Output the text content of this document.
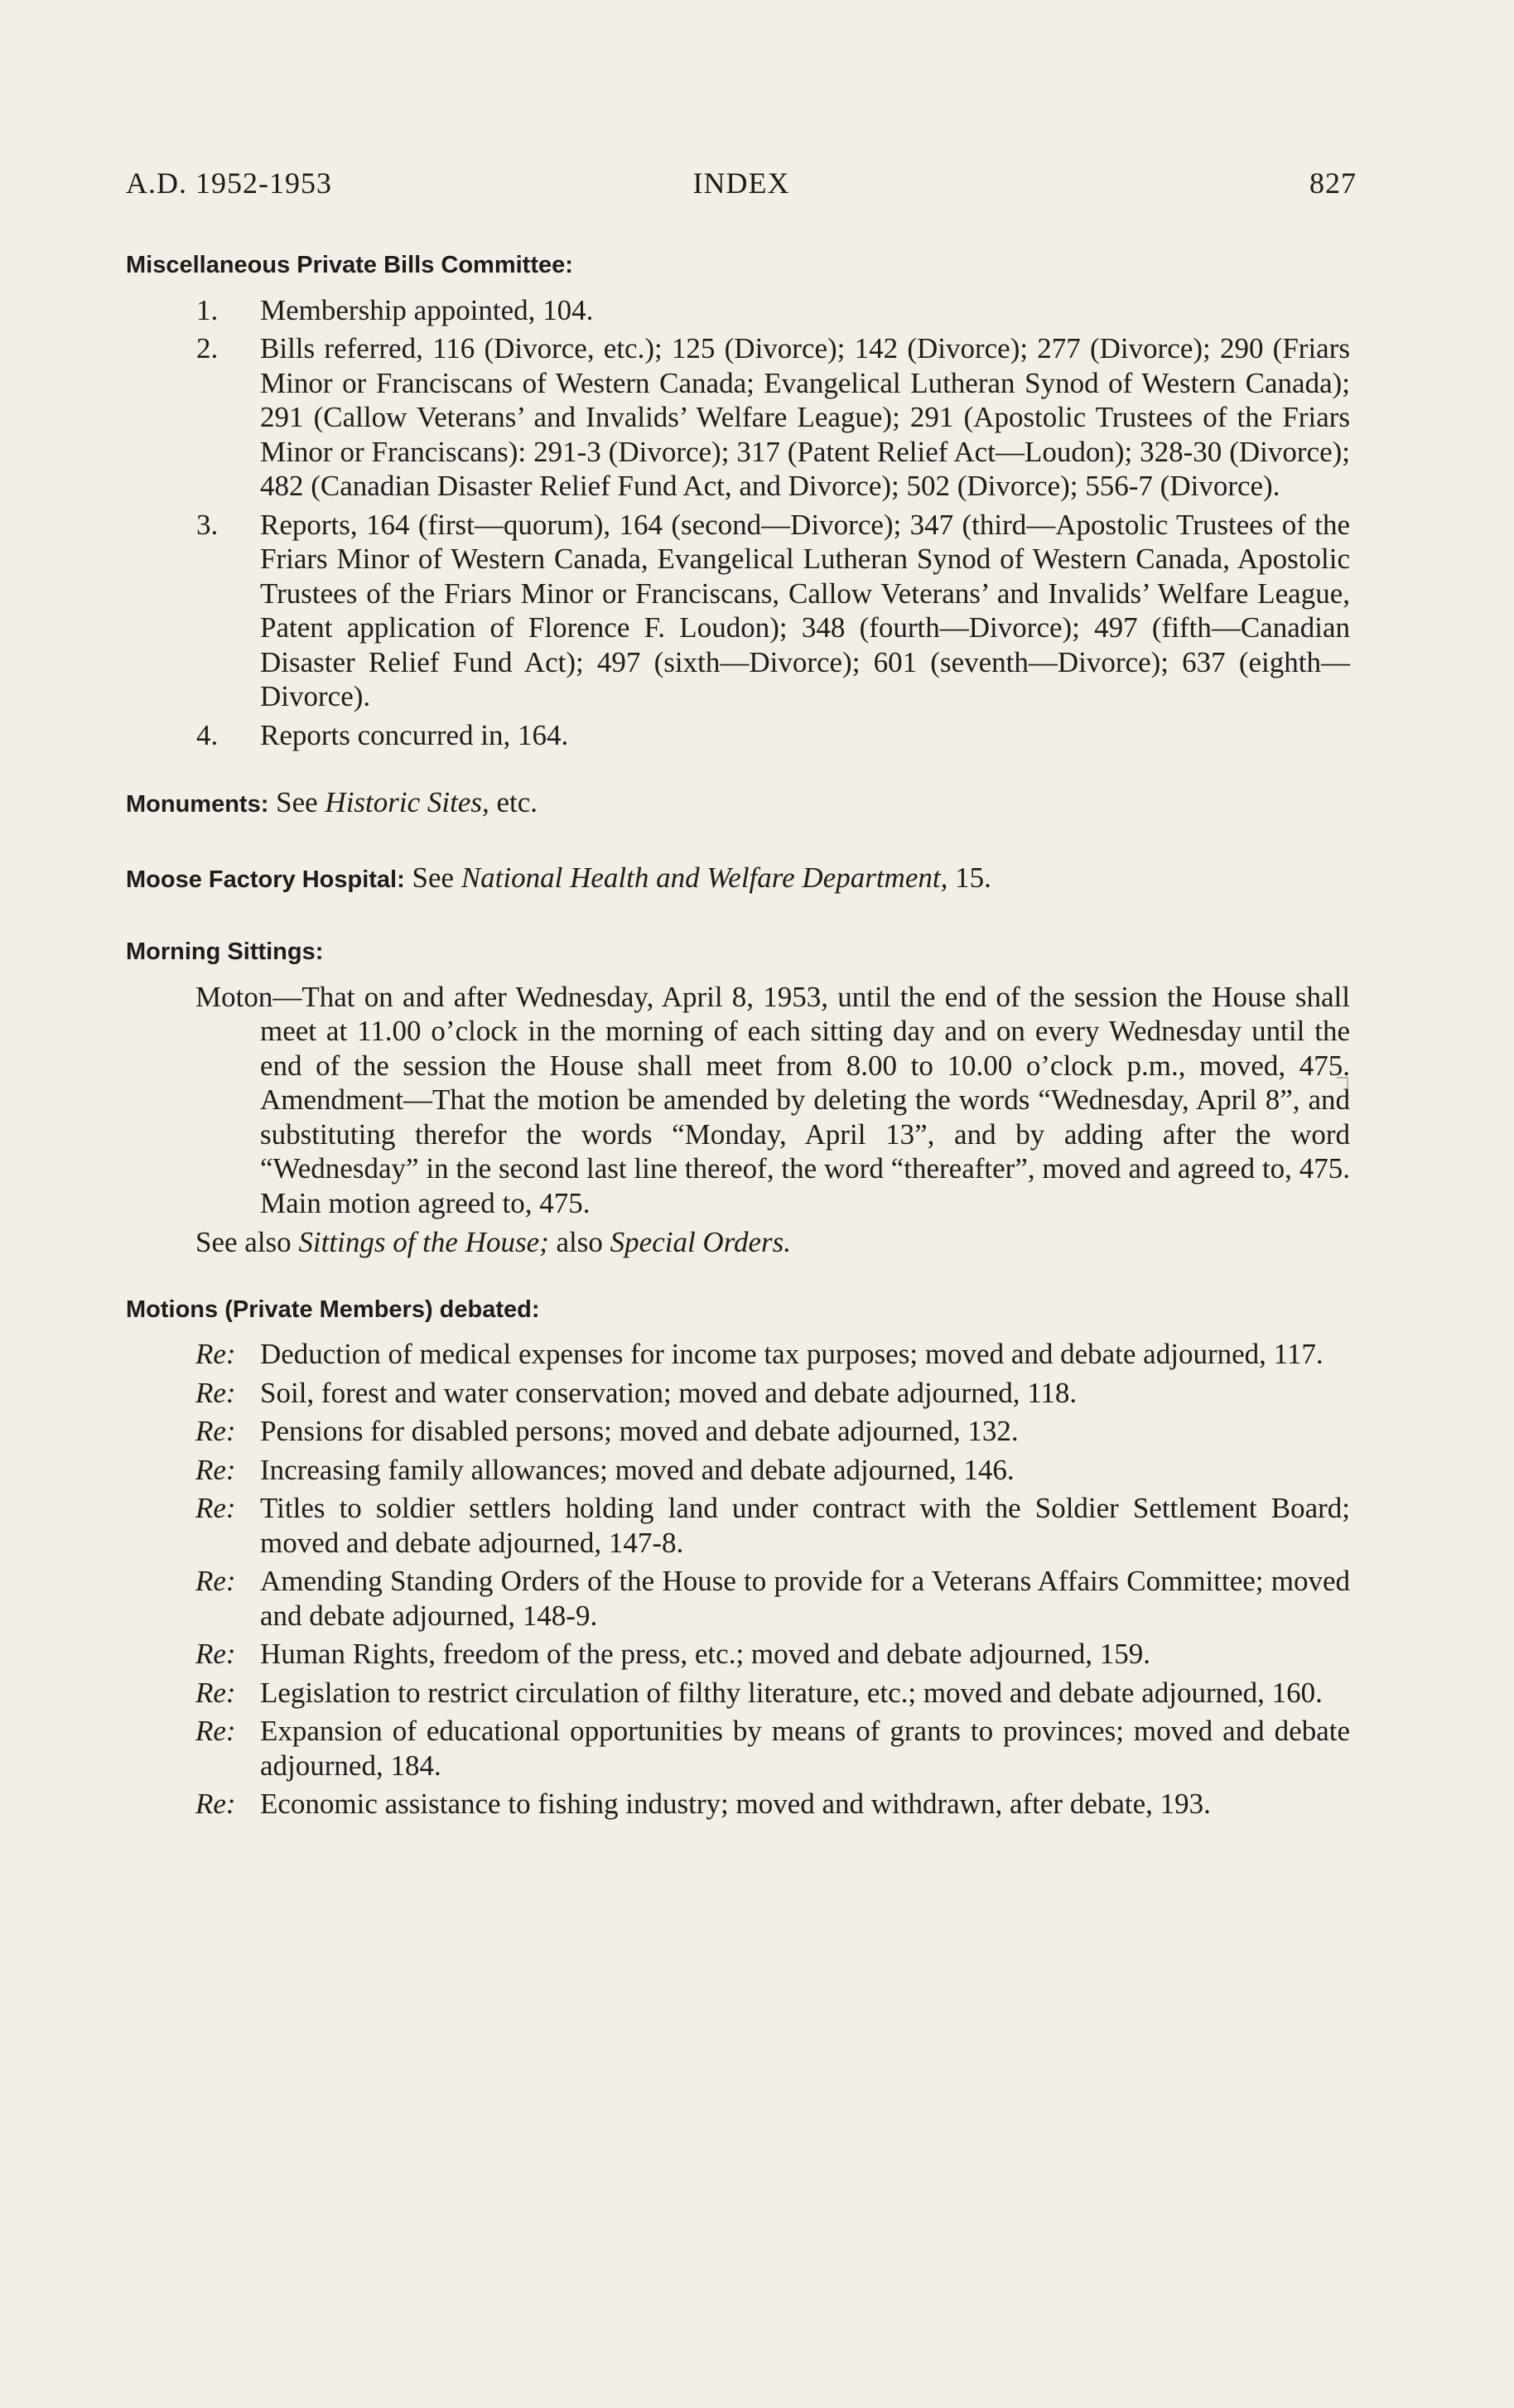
A.D. 1952-1953	INDEX	827
Miscellaneous Private Bills Committee:
1.	Membership appointed, 104.
2.	Bills referred, 116 (Divorce, etc.); 125 (Divorce); 142 (Divorce); 277 (Divorce); 290 (Friars Minor or Franciscans of Western Canada; Evangelical Lutheran Synod of Western Canada); 291 (Callow Veterans’ and Invalids’ Welfare League); 291 (Apostolic Trustees of the Friars Minor or Franciscans): 291-3 (Divorce); 317 (Patent Relief Act—Loudon); 328-30 (Divorce); 482 (Canadian Disaster Relief Fund Act, and Divorce); 502 (Divorce); 556-7 (Divorce).
3.	Reports, 164 (first—quorum), 164 (second—Divorce); 347 (third—Apostolic Trustees of the Friars Minor of Western Canada, Evangelical Lutheran Synod of Western Canada, Apostolic Trustees of the Friars Minor or Franciscans, Callow Veterans’ and Invalids’ Welfare League, Patent application of Florence F. Loudon); 348 (fourth—Divorce); 497 (fifth—Canadian Disaster Relief Fund Act); 497 (sixth—Divorce); 601 (seventh—Divorce); 637 (eighth—Divorce).
4.	Reports concurred in, 164.
Monuments: See Historic Sites, etc.
Moose Factory Hospital: See National Health and Welfare Department, 15.
Morning Sittings:
Moton—That on and after Wednesday, April 8, 1953, until the end of the session the House shall meet at 11.00 o’clock in the morning of each sitting day and on every Wednesday until the end of the session the House shall meet from 8.00 to 10.00 o’clock p.m., moved, 475. Amendment—That the motion be amended by deleting the words “Wednesday, April 8”, and substituting therefor the words “Monday, April 13”, and by adding after the word “Wednesday” in the second last line thereof, the word “thereafter”, moved and agreed to, 475. Main motion agreed to, 475.
See also Sittings of the House; also Special Orders.
Motions (Private Members) debated:
Re: Deduction of medical expenses for income tax purposes; moved and debate adjourned, 117.
Re: Soil, forest and water conservation; moved and debate adjourned, 118.
Re: Pensions for disabled persons; moved and debate adjourned, 132.
Re: Increasing family allowances; moved and debate adjourned, 146.
Re: Titles to soldier settlers holding land under contract with the Soldier Settlement Board; moved and debate adjourned, 147-8.
Re: Amending Standing Orders of the House to provide for a Veterans Affairs Committee; moved and debate adjourned, 148-9.
Re: Human Rights, freedom of the press, etc.; moved and debate adjourned, 159.
Re: Legislation to restrict circulation of filthy literature, etc.; moved and debate adjourned, 160.
Re: Expansion of educational opportunities by means of grants to provinces; moved and debate adjourned, 184.
Re: Economic assistance to fishing industry; moved and withdrawn, after debate, 193.
